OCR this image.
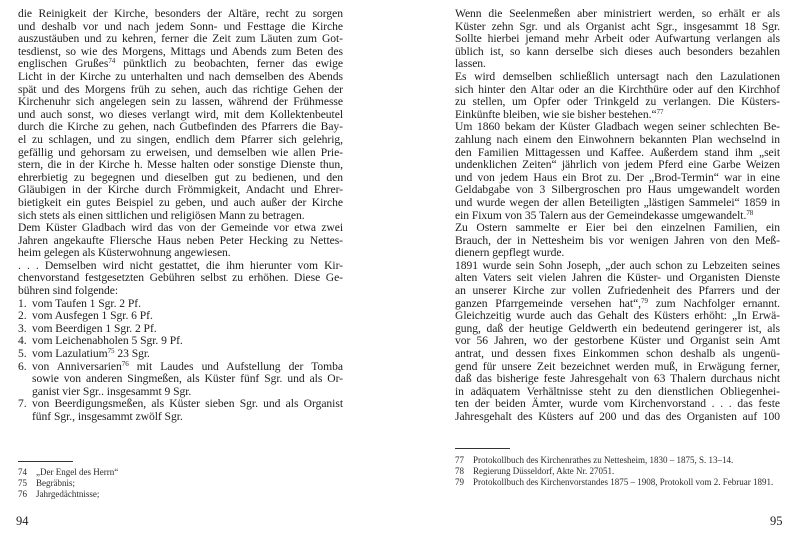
die Reinigkeit der Kirche, besonders der Altäre, recht zu sorgen
und deshalb vor und nach jedem Sonn- und Festtage die Kirche
auszustäuben und zu kehren, ferner die Zeit zum Läuten zum Got-
tesdienst, so wie des Morgens, Mittags und Abends zum Beten des
englischen Grußes$^{74}$ pünktlich zu beobachten, ferner das ewige
Licht in der Kirche zu unterhalten und nach demselben des Abends
spät und des Morgens früh zu sehen, auch das richtige Gehen der
Kirchenuhr sich angelegen sein zu lassen, während der Frühmesse
und auch sonst, wo dieses verlangt wird, mit dem Kollektenbeutel
durch die Kirche zu gehen, nach Gutbefinden des Pfarrers die Bay-
el zu schlagen, und zu singen, endlich dem Pfarrer sich gelehrig,
gefällig und gehorsam zu erweisen, und demselben wie allen Prie-
stern, die in der Kirche h. Messe halten oder sonstige Dienste thun,
ehrerbietig zu begegnen und dieselben gut zu bedienen, und den
Gläubigen in der Kirche durch Frömmigkeit, Andacht und Ehrer-
bietigkeit ein gutes Beispiel zu geben, und auch außer der Kirche
sich stets als einen sittlichen und religiösen Mann zu betragen.
Dem Küster Gladbach wird das von der Gemeinde vor etwa zwei
Jahren angekaufte Fliersche Haus neben Peter Hecking zu Nettes-
heim gelegen als Küsterwohnung angewiesen.
. . . Demselben wird nicht gestattet, die ihm hierunter vom Kir-
chenvorstand festgesetzten Gebühren selbst zu erhöhen. Diese Ge-
bühren sind folgende:
1. vom Taufen 1 Sgr. 2 Pf.
2. vom Ausfegen 1 Sgr. 6 Pf.
3. vom Beerdigen 1 Sgr. 2 Pf.
4. vom Leichenabholen 5 Sgr. 9 Pf.
5. vom Lazulatium$^{75}$ 23 Sgr.
6. von Anniversarien$^{76}$ mit Laudes und Aufstellung der Tomba
sowie von anderen Singmeßen, als Küster fünf Sgr. und als Or-
ganist vier Sgr.. insgesammt 9 Sgr.
7. von Beerdigungsmeßen, als Küster sieben Sgr. und als Organist
fünf Sgr., insgesammt zwölf Sgr.
74	„Der Engel des Herrn“
75	Begräbnis;
76	Jahrgedächtnisse;
94
Wenn die Seelenmeßen aber ministriert werden, so erhält er als
Küster zehn Sgr. und als Organist acht Sgr., insgesammt 18 Sgr.
Sollte hierbei jemand mehr Arbeit oder Aufwartung verlangen als
üblich ist, so kann derselbe sich dieses auch besonders bezahlen
lassen.
Es wird demselben schließlich untersagt nach den Lazulationen
sich hinter den Altar oder an die Kirchthüre oder auf den Kirchhof
zu stellen, um Opfer oder Trinkgeld zu verlangen. Die Küsters-
Einkünfte bleiben, wie sie bisher bestehen.“$^{77}$
Um 1860 bekam der Küster Gladbach wegen seiner schlechten Be-
zahlung nach einem den Einwohnern bekannten Plan wechselnd in
den Familien Mittagessen und Kaffee. Außerdem stand ihm „seit
undenklichen Zeiten“ jährlich von jedem Pferd eine Garbe Weizen
und von jedem Haus ein Brot zu. Der „Brod-Termin“ war in eine
Geldabgabe von 3 Silbergroschen pro Haus umgewandelt worden
und wurde wegen der allen Beteiligten „lästigen Sammelei“ 1859 in
ein Fixum von 35 Talern aus der Gemeindekasse umgewandelt.$^{78}$
Zu Ostern sammelte er Eier bei den einzelnen Familien, ein
Brauch, der in Nettesheim bis vor wenigen Jahren von den Meß-
dienern gepflegt wurde.
1891 wurde sein Sohn Joseph, „der auch schon zu Lebzeiten seines
alten Vaters seit vielen Jahren die Küster- und Organisten Dienste
an unserer Kirche zur vollen Zufriedenheit des Pfarrers und der
ganzen Pfarrgemeinde versehen hat“,$^{79}$ zum Nachfolger ernannt.
Gleichzeitig wurde auch das Gehalt des Küsters erhöht: „In Erwä-
gung, daß der heutige Geldwerth ein bedeutend geringerer ist, als
vor 56 Jahren, wo der gestorbene Küster und Organist sein Amt
antrat, und dessen fixes Einkommen schon deshalb als ungenü-
gend für unsere Zeit bezeichnet werden muß, in Erwägung ferner,
daß das bisherige feste Jahresgehalt von 63 Thalern durchaus nicht
in adäquatem Verhältnisse steht zu den dienstlichen Obliegenhei-
ten der beiden Ämter, wurde vom Kirchenvorstand . . . das feste
Jahresgehalt des Küsters auf 200 und das des Organisten auf 100
77	Protokollbuch des Kirchenrathes zu Nettesheim, 1830 – 1875, S. 13–14.
78	Regierung Düsseldorf, Akte Nr. 27051.
79	Protokollbuch des Kirchenvorstandes 1875 – 1908, Protokoll vom 2. Februar 1891.
95
